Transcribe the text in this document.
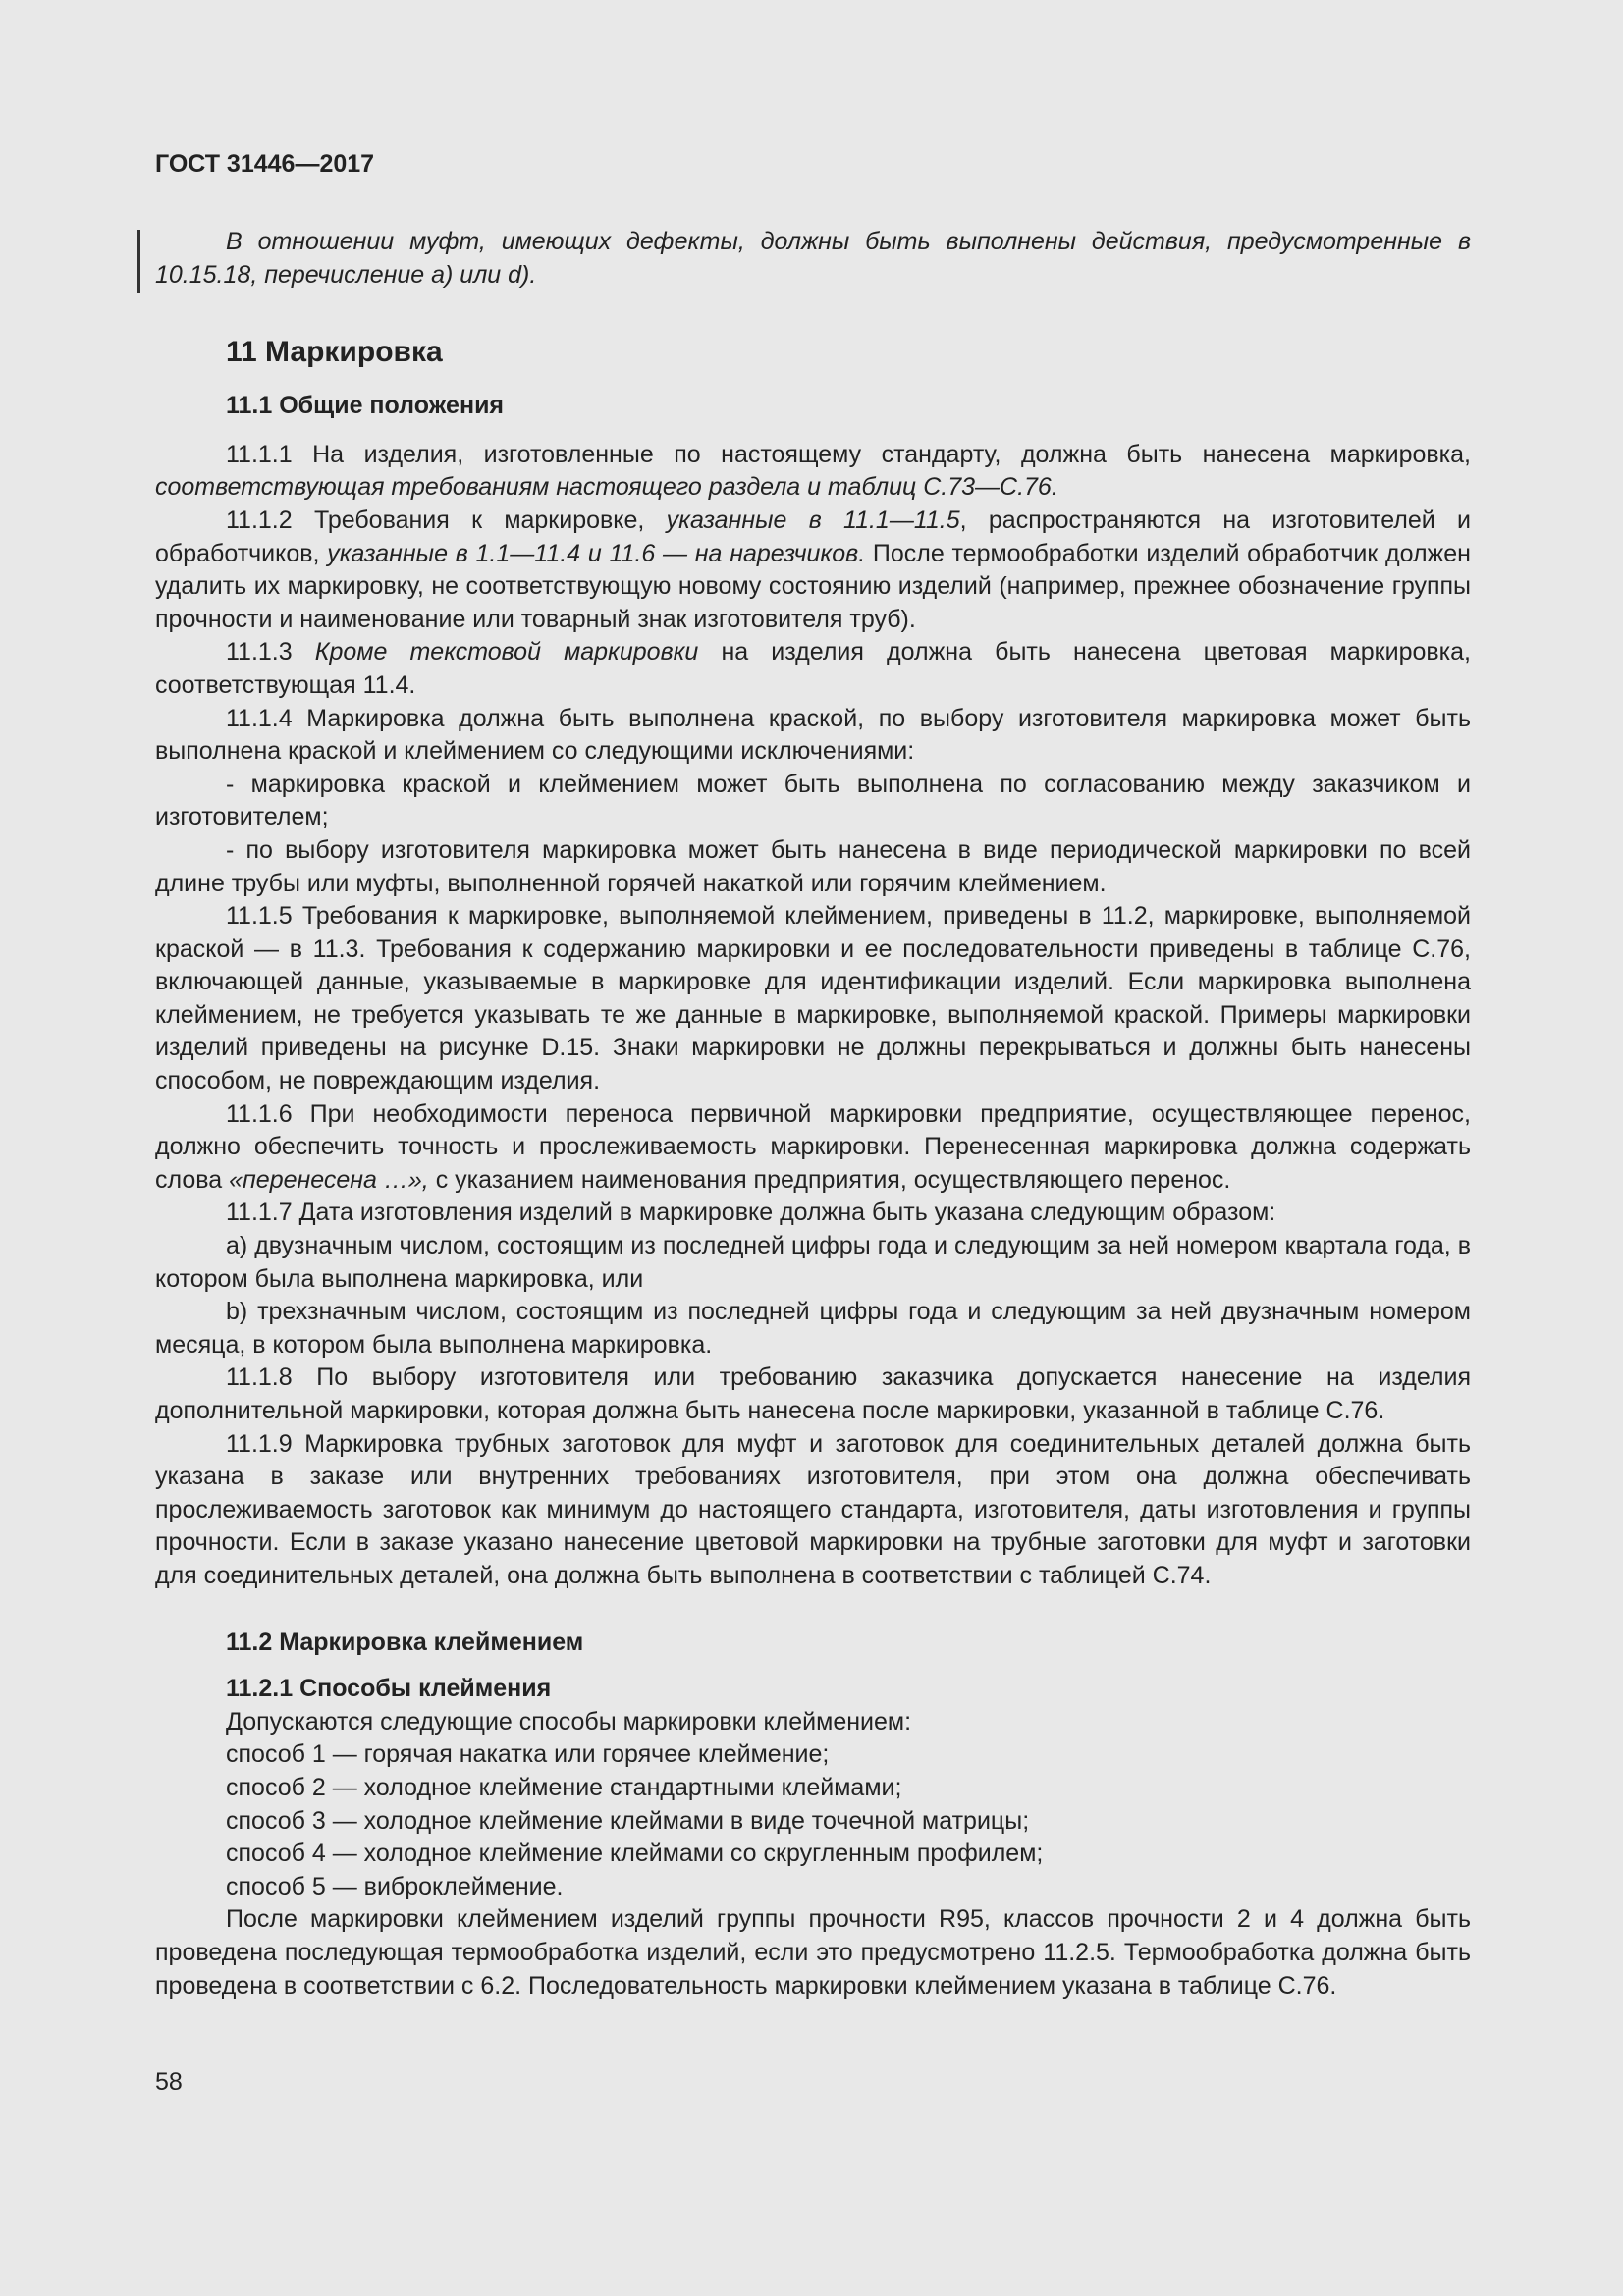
ГОСТ 31446—2017

В отношении муфт, имеющих дефекты, должны быть выполнены действия, предусмотренные в 10.15.18, перечисление а) или d).

11 Маркировка
11.1 Общие положения

11.1.1 На изделия, изготовленные по настоящему стандарту, должна быть нанесена маркировка, соответствующая требованиям настоящего раздела и таблиц С.73—С.76.

11.1.2 Требования к маркировке, указанные в 11.1—11.5, распространяются на изготовителей и обработчиков, указанные в 1.1—11.4 и 11.6 — на нарезчиков. После термообработки изделий обработчик должен удалить их маркировку, не соответствующую новому состоянию изделий (например, прежнее обозначение группы прочности и наименование или товарный знак изготовителя труб).

11.1.3 Кроме текстовой маркировки на изделия должна быть нанесена цветовая маркировка, соответствующая 11.4.

11.1.4 Маркировка должна быть выполнена краской, по выбору изготовителя маркировка может быть выполнена краской и клеймением со следующими исключениями:

- маркировка краской и клеймением может быть выполнена по согласованию между заказчиком и изготовителем;

- по выбору изготовителя маркировка может быть нанесена в виде периодической маркировки по всей длине трубы или муфты, выполненной горячей накаткой или горячим клеймением.

11.1.5 Требования к маркировке, выполняемой клеймением, приведены в 11.2, маркировке, выполняемой краской — в 11.3. Требования к содержанию маркировки и ее последовательности приведены в таблице С.76, включающей данные, указываемые в маркировке для идентификации изделий. Если маркировка выполнена клеймением, не требуется указывать те же данные в маркировке, выполняемой краской. Примеры маркировки изделий приведены на рисунке D.15. Знаки маркировки не должны перекрываться и должны быть нанесены способом, не повреждающим изделия.

11.1.6 При необходимости переноса первичной маркировки предприятие, осуществляющее перенос, должно обеспечить точность и прослеживаемость маркировки. Перенесенная маркировка должна содержать слова «перенесена …», с указанием наименования предприятия, осуществляющего перенос.

11.1.7 Дата изготовления изделий в маркировке должна быть указана следующим образом:

a) двузначным числом, состоящим из последней цифры года и следующим за ней номером квартала года, в котором была выполнена маркировка, или

b) трехзначным числом, состоящим из последней цифры года и следующим за ней двузначным номером месяца, в котором была выполнена маркировка.

11.1.8 По выбору изготовителя или требованию заказчика допускается нанесение на изделия дополнительной маркировки, которая должна быть нанесена после маркировки, указанной в таблице С.76.

11.1.9 Маркировка трубных заготовок для муфт и заготовок для соединительных деталей должна быть указана в заказе или внутренних требованиях изготовителя, при этом она должна обеспечивать прослеживаемость заготовок как минимум до настоящего стандарта, изготовителя, даты изготовления и группы прочности. Если в заказе указано нанесение цветовой маркировки на трубные заготовки для муфт и заготовки для соединительных деталей, она должна быть выполнена в соответствии с таблицей С.74.

11.2 Маркировка клеймением
11.2.1 Способы клеймения

Допускаются следующие способы маркировки клеймением:

способ 1 — горячая накатка или горячее клеймение;

способ 2 — холодное клеймение стандартными клеймами;

способ 3 — холодное клеймение клеймами в виде точечной матрицы;

способ 4 — холодное клеймение клеймами со скругленным профилем;

способ 5 — виброклеймение.

После маркировки клеймением изделий группы прочности R95, классов прочности 2 и 4 должна быть проведена последующая термообработка изделий, если это предусмотрено 11.2.5. Термообработка должна быть проведена в соответствии с 6.2. Последовательность маркировки клеймением указана в таблице С.76.

58
